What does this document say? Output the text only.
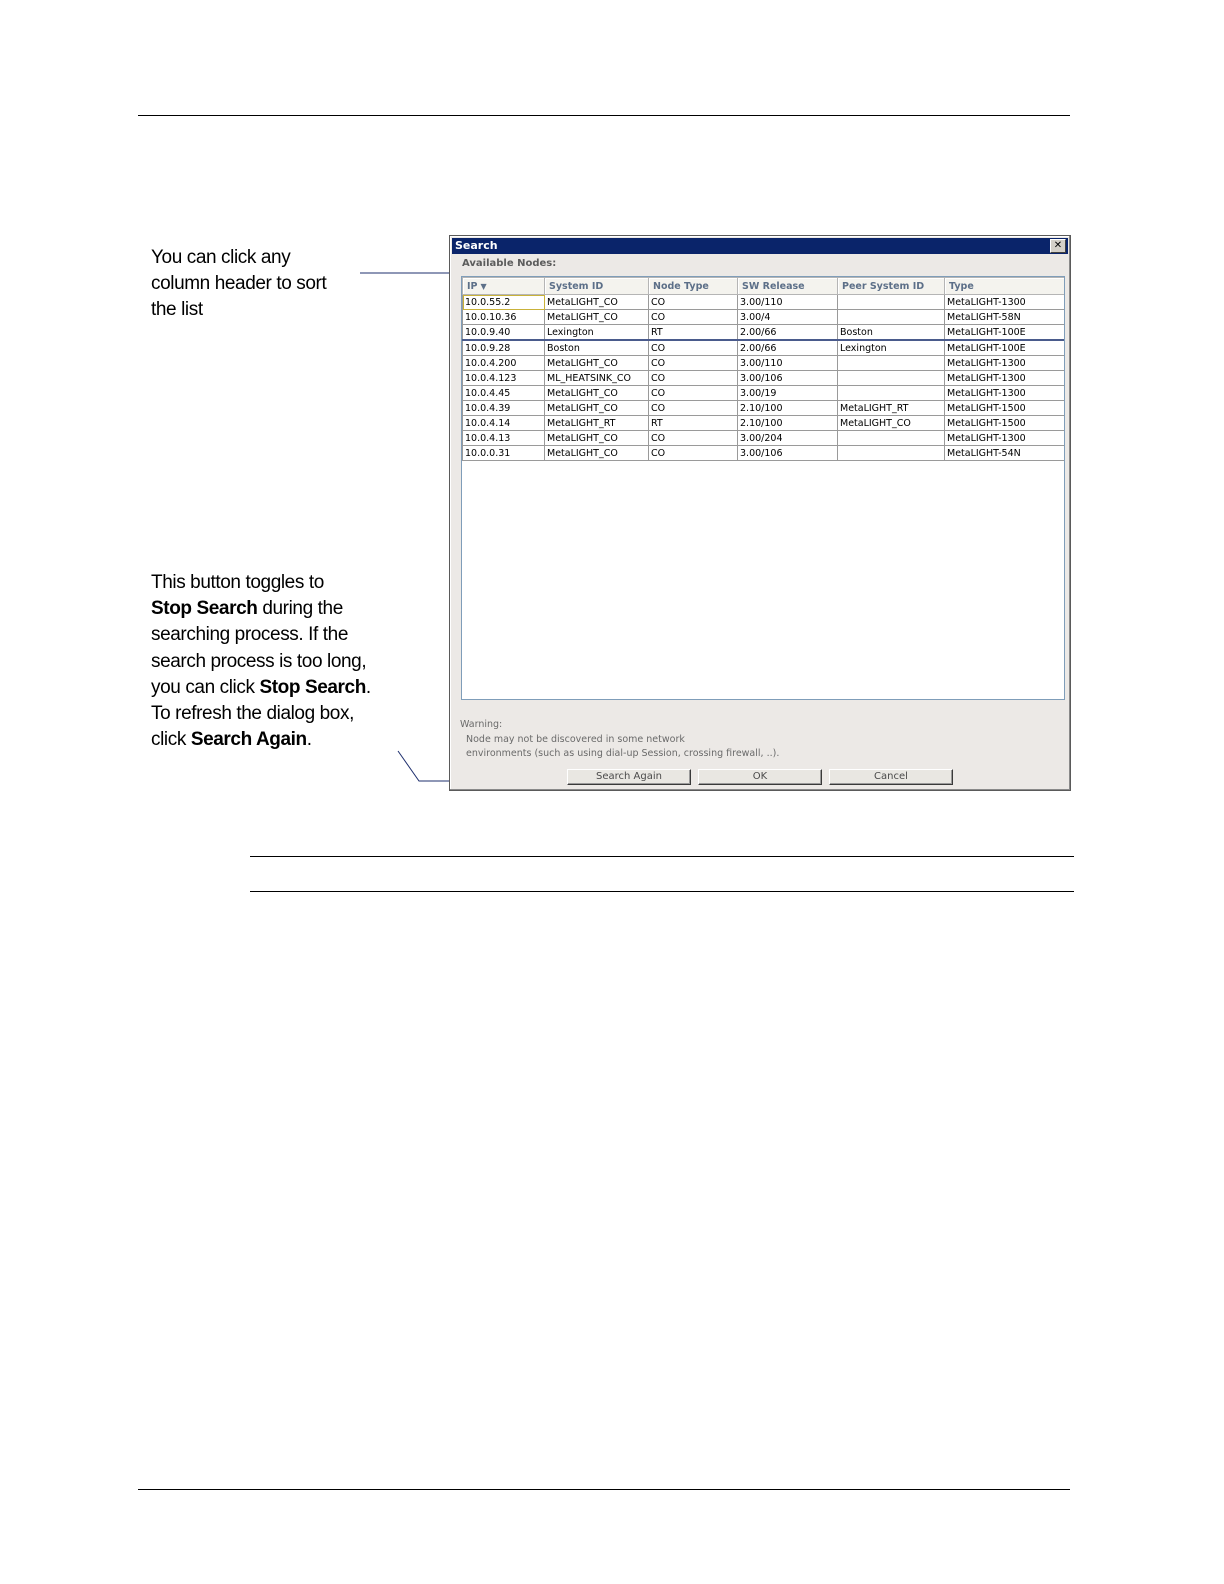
You can click any
column header to sort
the list
This button toggles to
Stop Search during the
searching process. If the
search process is too long,
you can click Stop Search.
To refresh the dialog box,
click Search Again.
Search	✕
Available Nodes:
IP ▼	System ID	Node Type	SW Release	Peer System ID	Type
10.0.55.2	MetaLIGHT_CO	CO	3.00/110		MetaLIGHT-1300
10.0.10.36	MetaLIGHT_CO	CO	3.00/4		MetaLIGHT-58N
10.0.9.40	Lexington	RT	2.00/66	Boston	MetaLIGHT-100E
10.0.9.28	Boston	CO	2.00/66	Lexington	MetaLIGHT-100E
10.0.4.200	MetaLIGHT_CO	CO	3.00/110		MetaLIGHT-1300
10.0.4.123	ML_HEATSINK_CO	CO	3.00/106		MetaLIGHT-1300
10.0.4.45	MetaLIGHT_CO	CO	3.00/19		MetaLIGHT-1300
10.0.4.39	MetaLIGHT_CO	CO	2.10/100	MetaLIGHT_RT	MetaLIGHT-1500
10.0.4.14	MetaLIGHT_RT	RT	2.10/100	MetaLIGHT_CO	MetaLIGHT-1500
10.0.4.13	MetaLIGHT_CO	CO	3.00/204		MetaLIGHT-1300
10.0.0.31	MetaLIGHT_CO	CO	3.00/106		MetaLIGHT-54N
Warning:
Node may not be discovered in some network
environments (such as using dial-up Session, crossing firewall, ..).
Search Again	OK	Cancel
